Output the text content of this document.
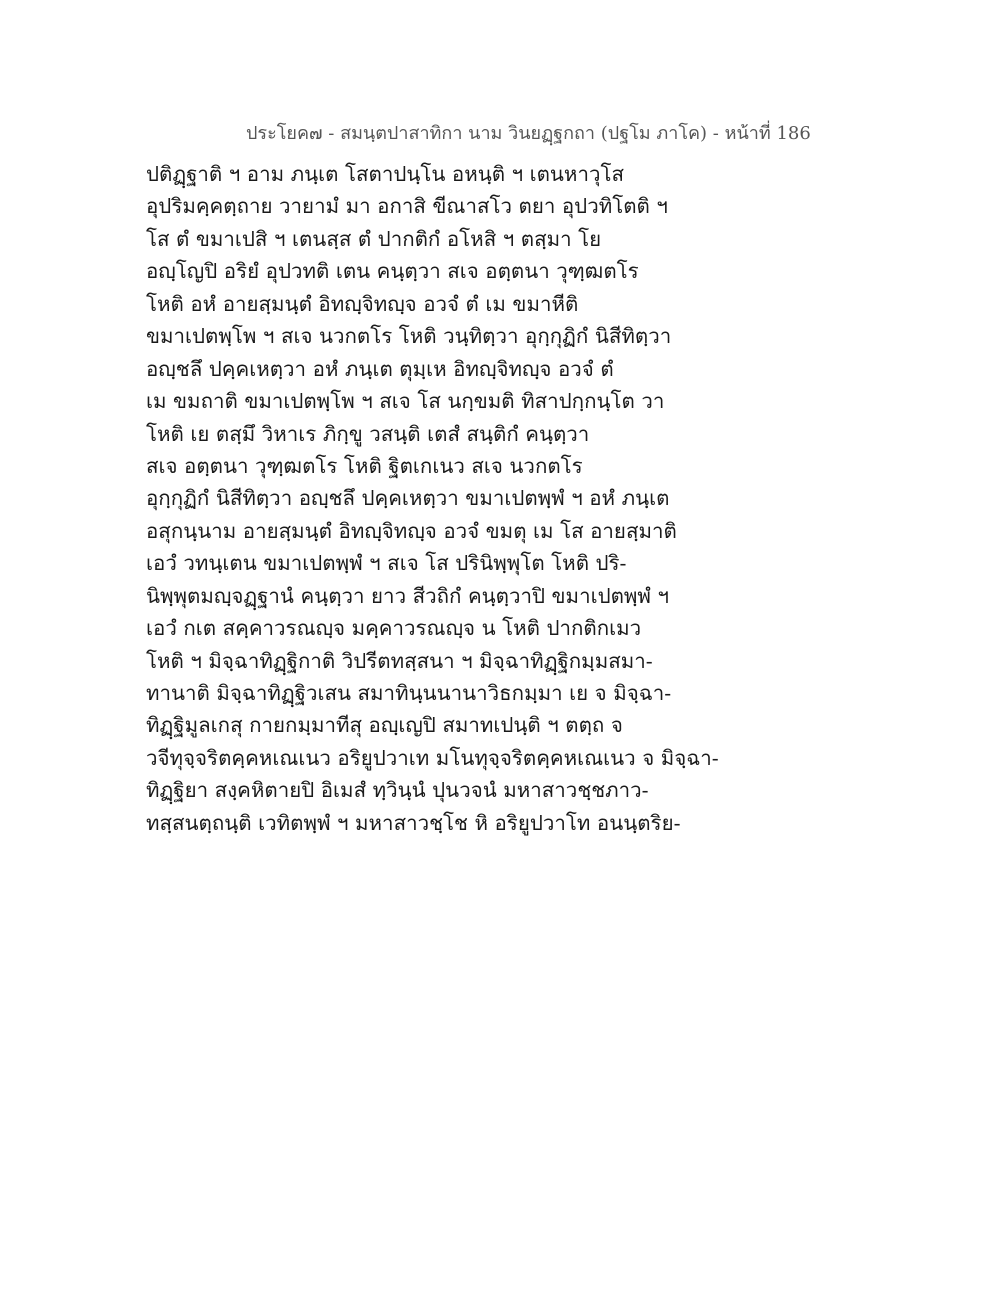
ประโยค๗ - สมนฺตปาสาทิกา นาม วินยฏฺฐกถา (ปฐโม ภาโค) - หน้าที่ 186
ปติฏฺฐาติ ฯ อาม ภนฺเต โสตาปนฺโน อหนฺติ ฯ เตนหาวุโส
อุปริมคฺคตฺถาย วายามํ มา อกาสิ ขีณาสโว ตยา อุปวทิโตติ ฯ
โส ตํ ขมาเปสิ ฯ เตนสฺส ตํ ปากติกํ อโหสิ ฯ ตสฺมา โย
อญฺโญปิ อริยํ อุปวทติ เตน คนฺตฺวา สเจ อตฺตนา วุฑฺฒตโร
โหติ อหํ อายสฺมนฺตํ อิทญฺจิทญฺจ อวจํ ตํ เม ขมาหีติ
ขมาเปตพฺโพ ฯ สเจ นวกตโร โหติ วนฺทิตฺวา อุกฺกุฏิกํ นิสีทิตฺวา
อญฺชลึ ปคฺคเหตฺวา อหํ ภนฺเต ตุมฺเห อิทญฺจิทญฺจ อวจํ ตํ
เม ขมถาติ ขมาเปตพฺโพ ฯ สเจ โส นกฺขมติ ทิสาปกฺกนฺโต วา
โหติ เย ตสฺมึ วิหาเร ภิกฺขู วสนฺติ เตสํ สนฺติกํ คนฺตฺวา
สเจ อตฺตนา วุฑฺฒตโร โหติ ฐิตเกเนว สเจ นวกตโร
อุกฺกุฏิกํ นิสีทิตฺวา อญฺชลึ ปคฺคเหตฺวา ขมาเปตพฺพํ ฯ อหํ ภนฺเต
อสุกนฺนาม อายสฺมนฺตํ อิทญฺจิทญฺจ อวจํ ขมตุ เม โส อายสฺมาติ
เอวํ วทนฺเตน ขมาเปตพฺพํ ฯ สเจ โส ปรินิพฺพุโต โหติ ปริ-
นิพฺพุตมญฺจฏฺฐานํ คนฺตฺวา ยาว สีวถิกํ คนฺตฺวาปิ ขมาเปตพฺพํ ฯ
เอวํ กเต สคฺคาวรณญฺจ มคฺคาวรณญฺจ น โหติ ปากติกเมว
โหติ ฯ มิจฺฉาทิฏฺฐิกาติ วิปรีตทสฺสนา ฯ มิจฺฉาทิฏฺฐิกมฺมสมา-
ทานาติ มิจฺฉาทิฏฺฐิวเสน สมาทินฺนนานาวิธกมฺมา เย จ มิจฺฉา-
ทิฏฺฐิมูลเกสุ กายกมฺมาทีสุ อญฺเญปิ สมาทเปนฺติ ฯ ตตฺถ จ
วจีทุจฺจริตคฺคหเณเนว อริยูปวาเท มโนทุจฺจริตคฺคหเณเนว จ มิจฺฉา-
ทิฏฺฐิยา สงฺคหิตายปิ อิเมสํ ทฺวินฺนํ ปุนวจนํ มหาสาวชฺชภาว-
ทสฺสนตฺถนฺติ เวทิตพฺพํ ฯ มหาสาวชฺโช หิ อริยูปวาโท อนนฺตริย-
